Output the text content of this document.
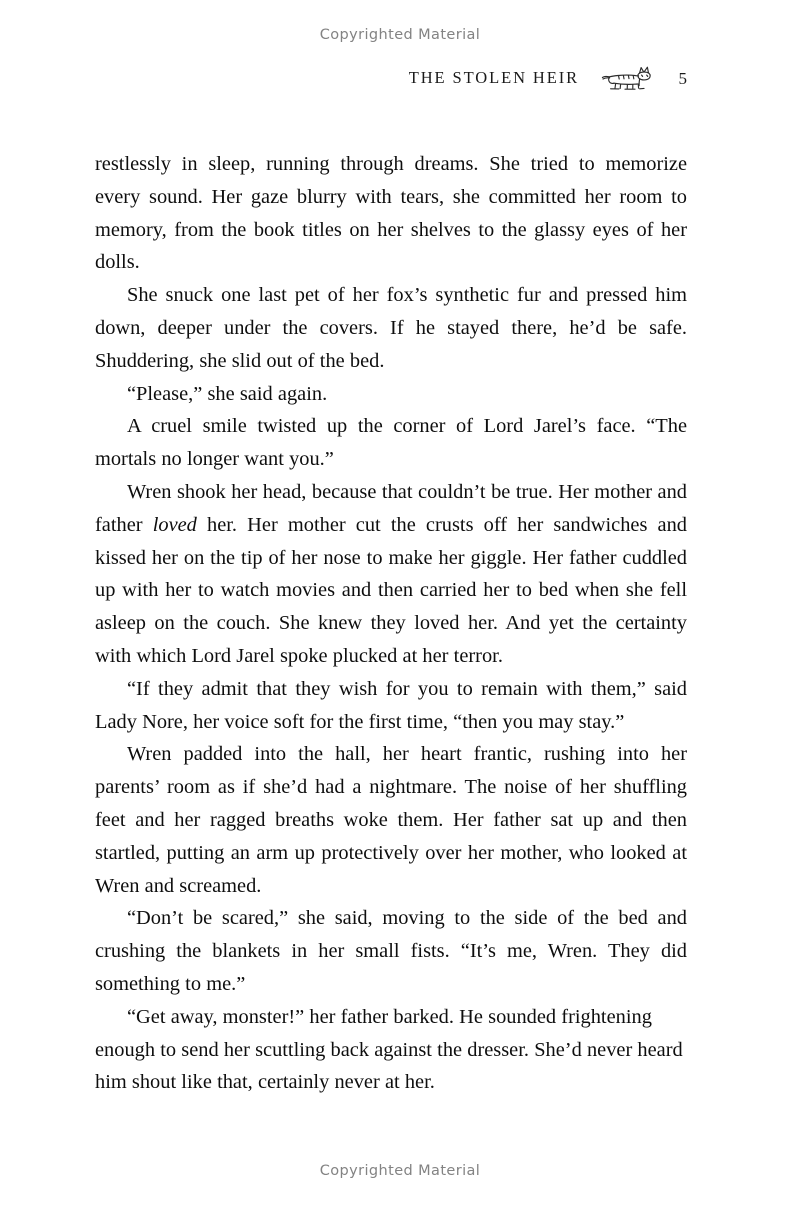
Copyrighted Material
THE STOLEN HEIR	5

restlessly in sleep, running through dreams. She tried to memorize every sound. Her gaze blurry with tears, she committed her room to memory, from the book titles on her shelves to the glassy eyes of her dolls.

She snuck one last pet of her fox’s synthetic fur and pressed him down, deeper under the covers. If he stayed there, he’d be safe. Shuddering, she slid out of the bed.

“Please,” she said again.

A cruel smile twisted up the corner of Lord Jarel’s face. “The mortals no longer want you.”

Wren shook her head, because that couldn’t be true. Her mother and father loved her. Her mother cut the crusts off her sandwiches and kissed her on the tip of her nose to make her giggle. Her father cuddled up with her to watch movies and then carried her to bed when she fell asleep on the couch. She knew they loved her. And yet the certainty with which Lord Jarel spoke plucked at her terror.

“If they admit that they wish for you to remain with them,” said Lady Nore, her voice soft for the first time, “then you may stay.”

Wren padded into the hall, her heart frantic, rushing into her parents’ room as if she’d had a nightmare. The noise of her shuffling feet and her ragged breaths woke them. Her father sat up and then startled, putting an arm up protectively over her mother, who looked at Wren and screamed.

“Don’t be scared,” she said, moving to the side of the bed and crushing the blankets in her small fists. “It’s me, Wren. They did something to me.”

“Get away, monster!” her father barked. He sounded frightening enough to send her scuttling back against the dresser. She’d never heard him shout like that, certainly never at her.

Copyrighted Material
